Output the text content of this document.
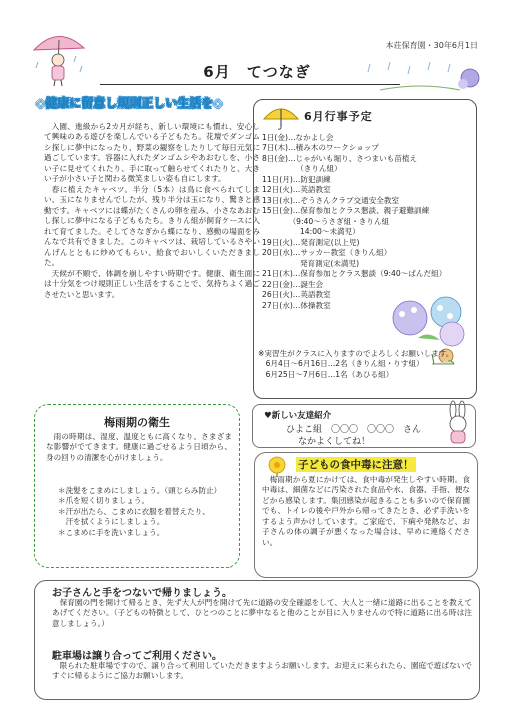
本荘保育園・30年6月1日
6月　てつなぎ
◇健康に留意し規則正しい生活を◇

入園、進級から2カ月が経ち、新しい環境にも慣れ、安心して興味のある遊びを楽しんでいる子どもたち。花壇でダンゴムシ探しに夢中になったり、野菜の観察をしたりして毎日元気に過ごしています。容器に入れたダンゴムシやあおむしを、小さい子に見せてくれたり、手に取って触らせてくれたりと、大きい子が小さい子と関わる微笑ましい姿も自にします。

春に植えたキャベツ。半分（5本）は鳥に食べられてしまい、玉になりませんでしたが、残り半分は玉になり、驚きと感動です。キャベツには蝶がたくさんの卵を産み、小さなあおむし探しに夢中になる子どももたち。きりん組が飼育ケースに入れて育てました。そしてさなぎから蝶になり、感動の場面をみんなで共有できました。このキャベツは、栽培しているさやいんげんとともに炒めてもらい、給食でおいしくいただきました。

天候が不順で、体調を崩しやすい時期です。健康、衛生面には十分気をつけ規則正しい生活をすることで、気持ちよく過ごさせたいと思います。

6月行事予定
1日(金)…なかよし会
7日(木)…積み木のワークショップ
8日(金)…じゃがいも堀り、さつまいも苗植え
　　　　　（きりん組）
11日(月)…防犯訓練
12日(火)…英語教室
13日(水)…ぞうさんクラブ交通安全教室
15日(金)…保育参加とクラス懇談、親子避難訓練
　　　　（9:40～うさぎ組・きりん組
　　　　　14:00～未満児）
19日(火)…発育測定(以上児)
20日(水)…サッカー教室（きりん組）
　　　　　発育測定(未満児)
21日(木)…保育参加とクラス懇談（9:40～ぱんだ組）
22日(金)…誕生会
26日(火)…英語教室
27日(水)…体操教室
※実習生がクラスに入りますのでよろしくお願いします。
　6月4日～6月16日…2名（きりん組・りす組）
　6月25日～7月6日…1名（あひる組）
梅雨期の衛生

雨の時期は、湿度、温度ともに高くなり、さまざまな影響がでてきます。健康に過ごせるよう日頃から、身の回りの清潔を心がけましょう。

＊洗髪をこまめにしましょう。（頭じらみ防止）
＊爪を短く切りましょう。
＊汗が出たら、こまめに衣服を着替えたり、
　汗を拭くようにしましょう。
＊こまめに手を洗いましょう。
♥新しい友達紹介
ひよこ組　〇〇〇　〇〇〇　さん
なかよくしてね！
子どもの食中毒に注意！

梅雨期から夏にかけては、食中毒が発生しやすい時期。食中毒は、細菌などに汚染された食品や水、食器、手指、便などから感染します。集団感染が起きることも多いので保育園でも、トイレの後や戸外から帰ってきたとき、必ず手洗いをするよう声かけしています。ご家庭で、下痢や発熱など、お子さんの体の調子が悪くなった場合は、早めに連絡ください。

お子さんと手をつないで帰りましょう。

保育園の門を開けて帰るとき、先ず大人が門を開けて先に道路の安全確認をして、大人と一緒に道路に出ることを教えてあげてください。（子どもの特徴として、ひとつのことに夢中なると他のことが目に入りませんので特に道路に出る時は注意しましょう。）

駐車場は譲り合ってご利用ください。

限られた駐車場ですので、譲り合って利用していただきますようお願いします。お迎えに来られたら、園庭で遊ばないですぐに帰るようにご協力お願いします。
